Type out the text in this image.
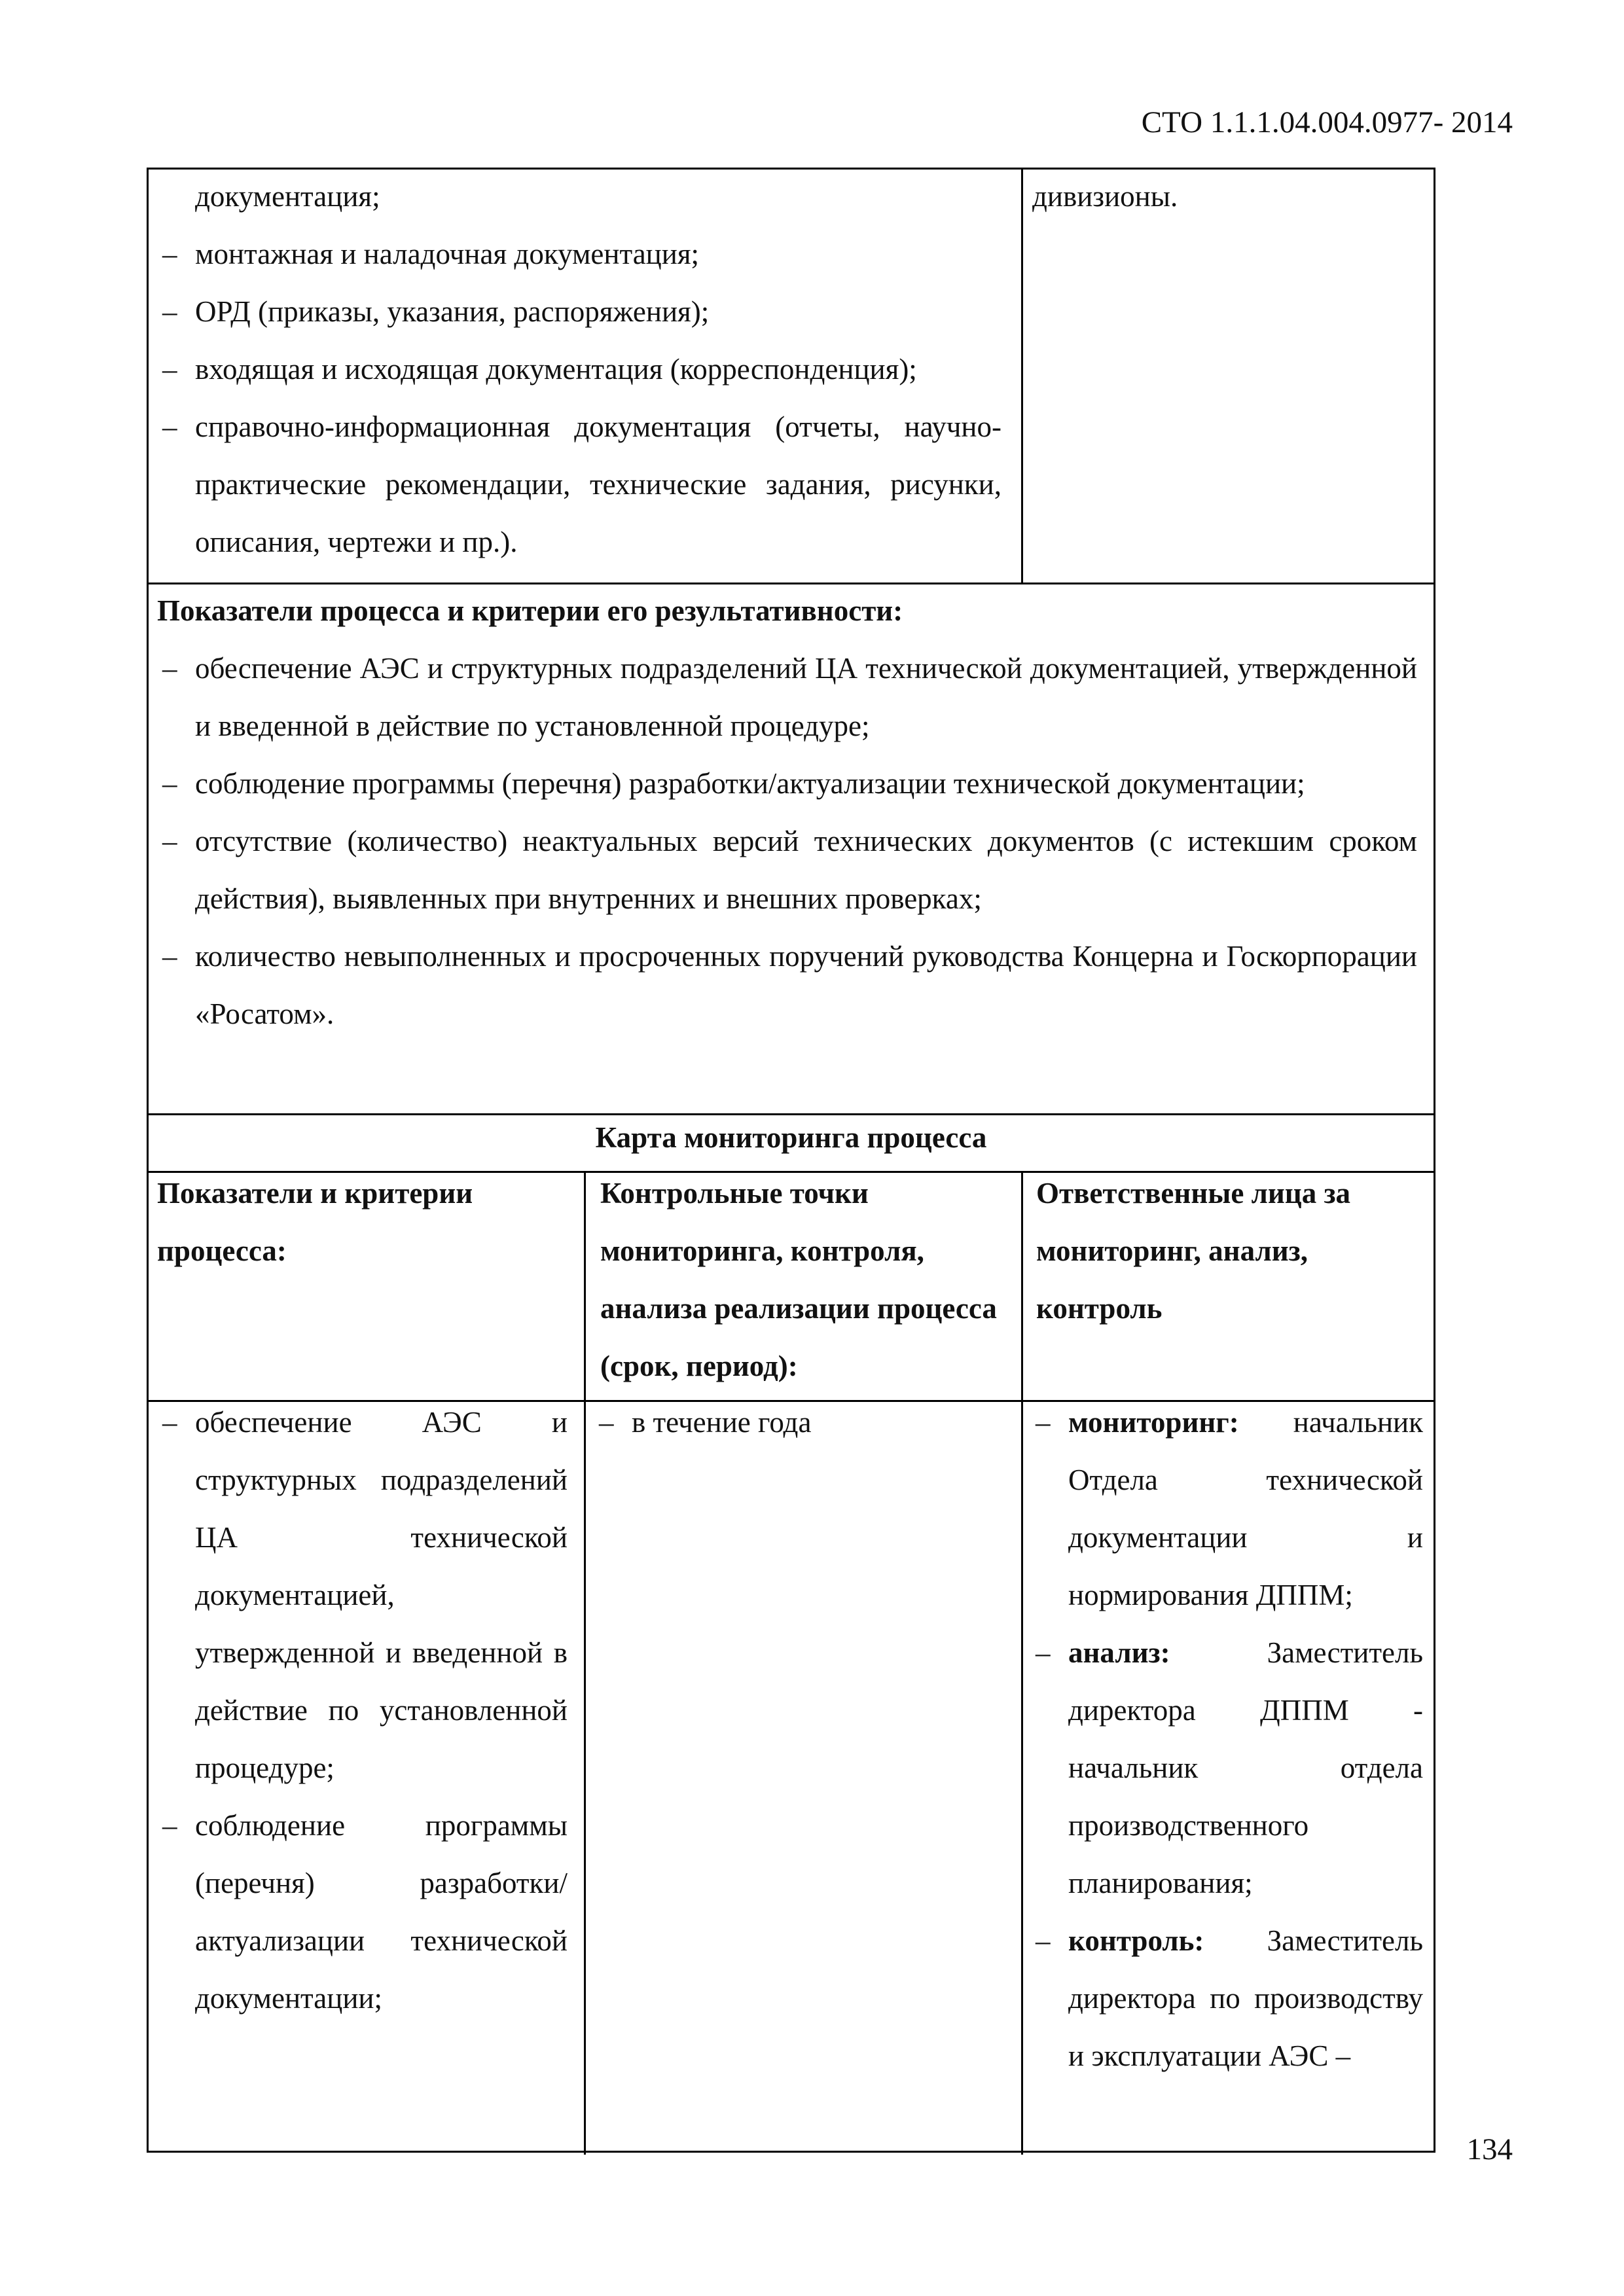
СТО 1.1.1.04.004.0977- 2014
документация;
– монтажная и наладочная документация;
– ОРД (приказы, указания, распоряжения);
– входящая и исходящая документация (корреспонденция);
– справочно-информационная документация (отчеты, научно-практические рекомендации, технические задания, рисунки, описания, чертежи и пр.).
дивизионы.
Показатели процесса и критерии его результативности:
– обеспечение АЭС и структурных подразделений ЦА технической документацией, утвержденной и введенной в действие по установленной процедуре;
– соблюдение программы (перечня) разработки/актуализации технической документации;
– отсутствие (количество) неактуальных версий технических документов (с истекшим сроком действия), выявленных при внутренних и внешних проверках;
– количество невыполненных и просроченных поручений руководства Концерна и Госкорпорации «Росатом».
Карта мониторинга процесса
Показатели и критерии процесса:
Контрольные точки мониторинга, контроля, анализа реализации процесса (срок, период):
Ответственные лица за мониторинг, анализ, контроль
– обеспечение АЭС и структурных подразделений ЦА технической документацией, утвержденной и введенной в действие по установленной процедуре;
– соблюдение программы (перечня) разработки/актуализации технической документации;
– в течение года
–	мониторинг: начальник Отдела технической документации и нормирования ДППМ;
– анализ:	Заместитель директора ДППМ - начальник отдела производственного планирования;
– контроль: Заместитель директора по производству и эксплуатации АЭС –
134
